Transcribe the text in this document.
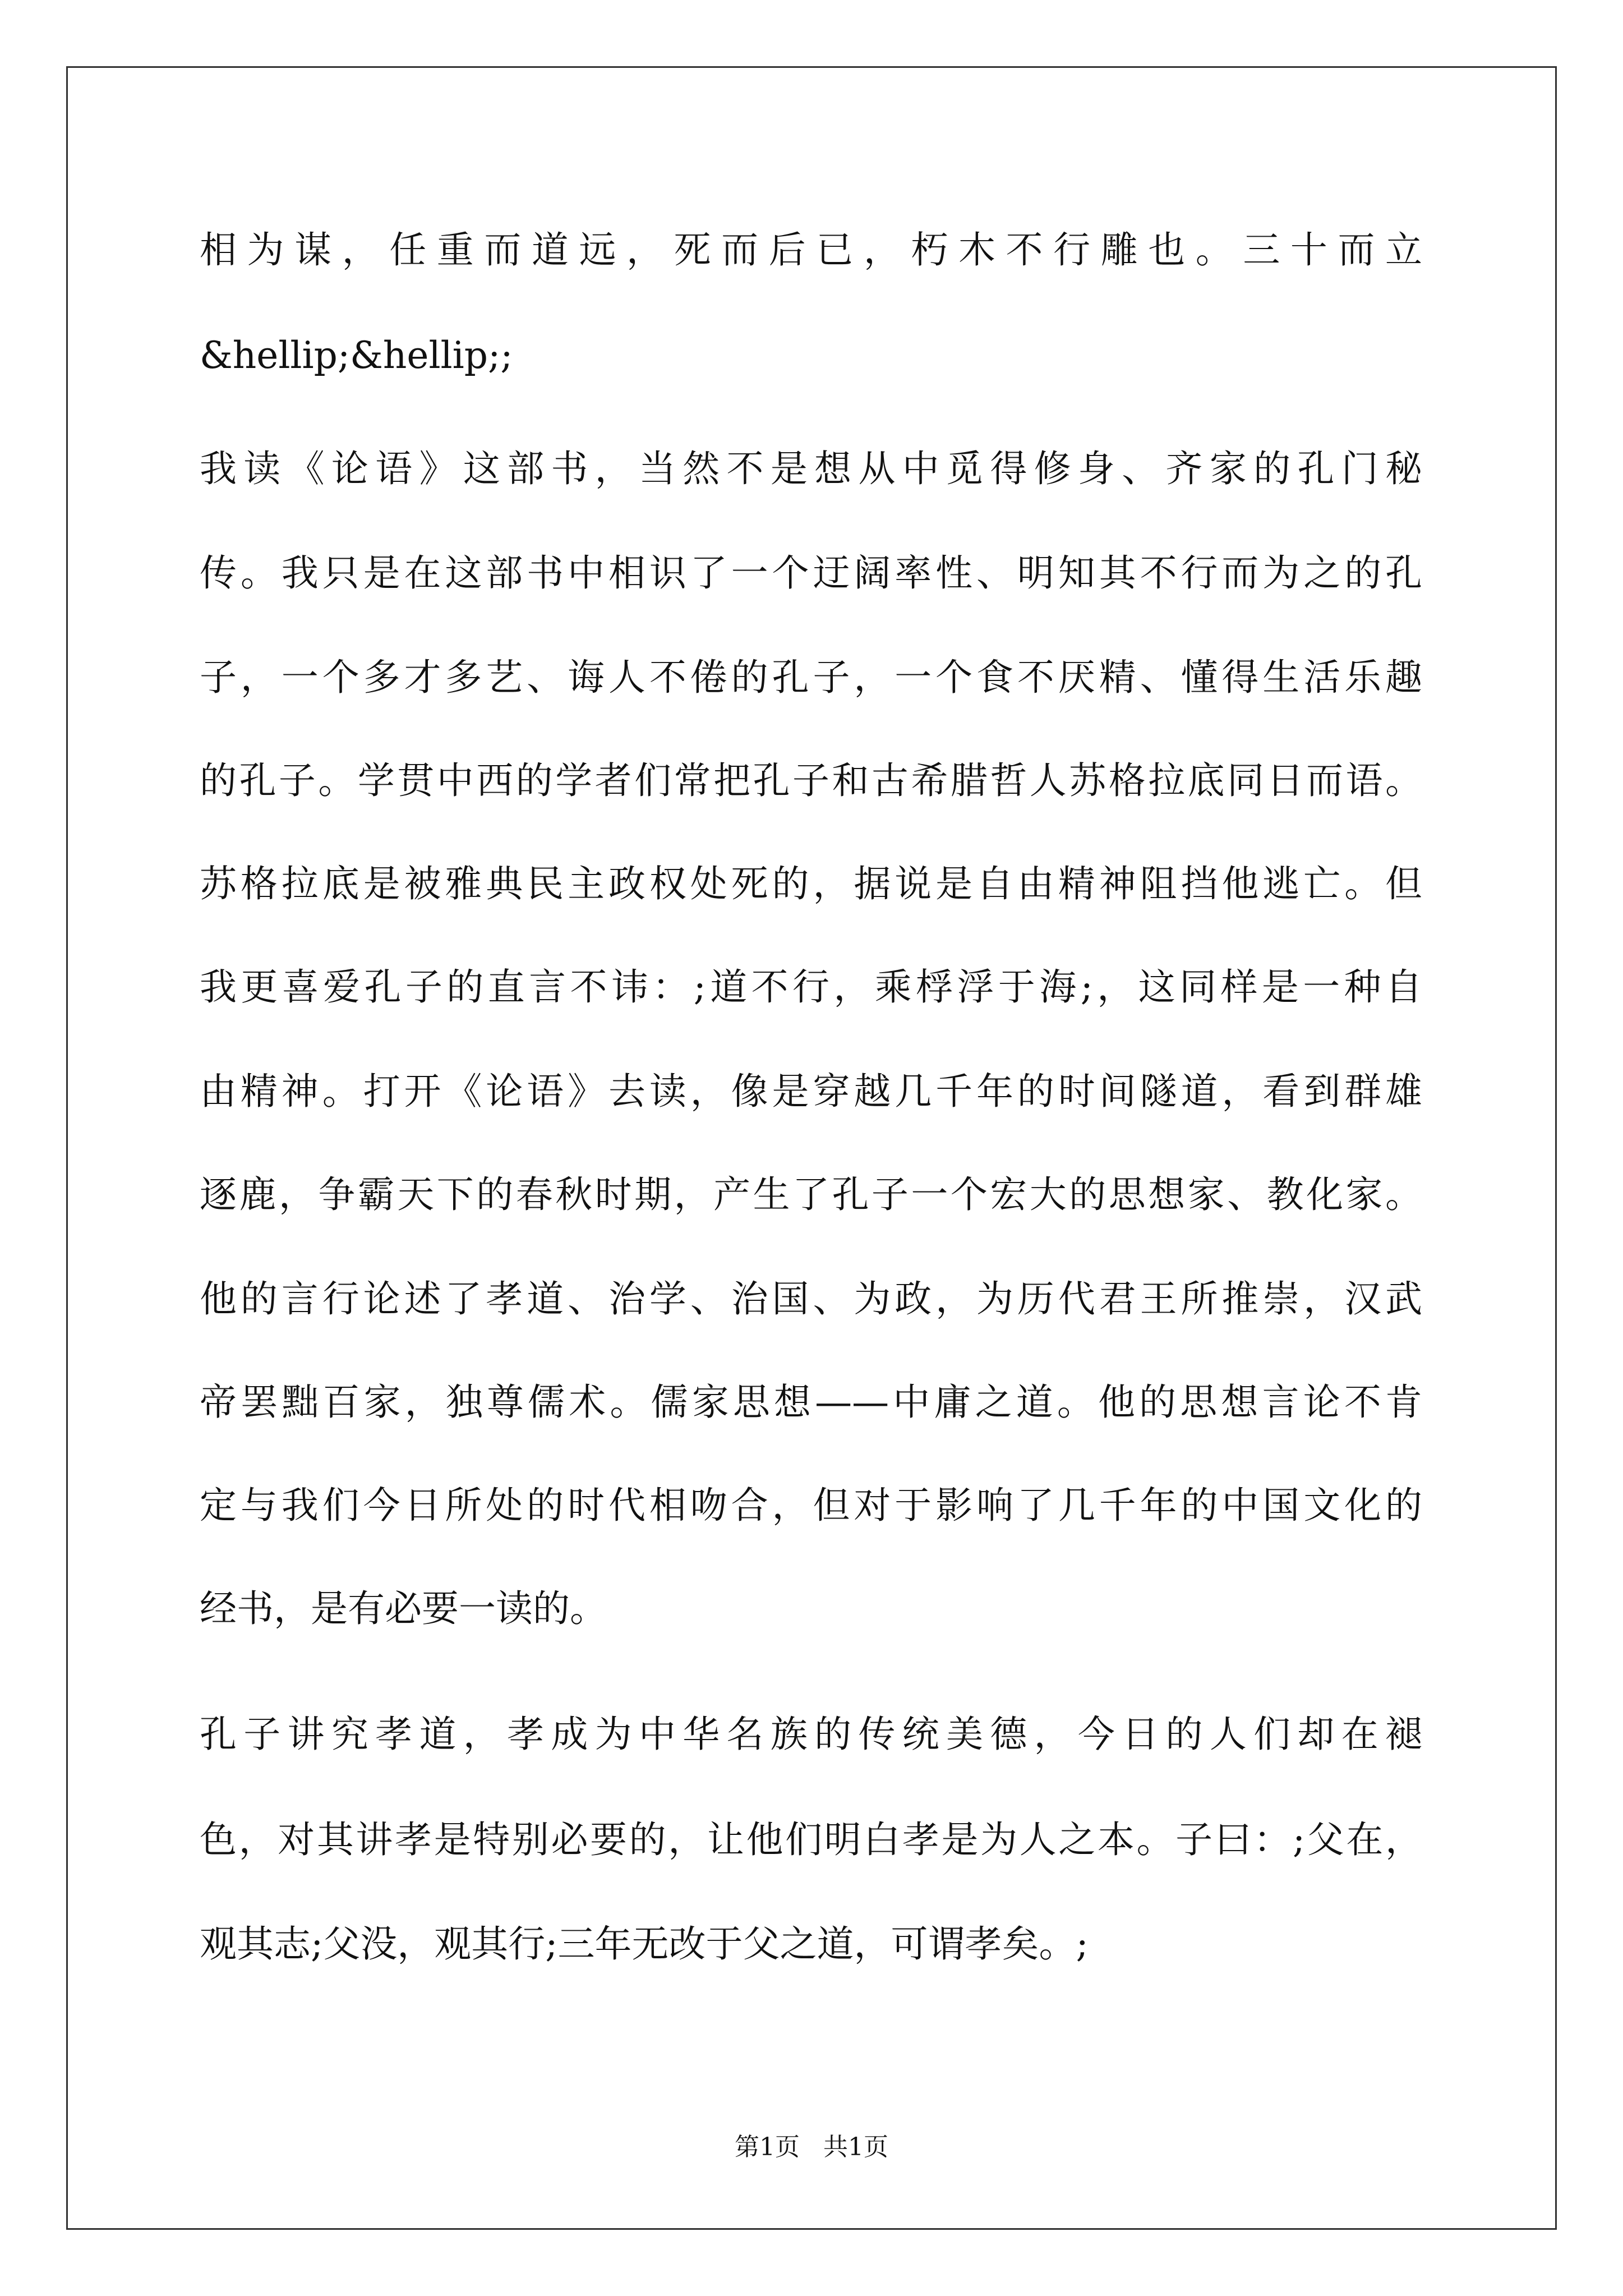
相为谋，任重而道远，死而后已，朽木不行雕也。三十而立
&hellip;&hellip;;
我读《论语》这部书，当然不是想从中觅得修身、齐家的孔门秘
传。我只是在这部书中相识了一个迂阔率性、明知其不行而为之的孔
子，一个多才多艺、诲人不倦的孔子，一个食不厌精、懂得生活乐趣
的孔子。学贯中西的学者们常把孔子和古希腊哲人苏格拉底同日而语。
苏格拉底是被雅典民主政权处死的，据说是自由精神阻挡他逃亡。但
我更喜爱孔子的直言不讳：;道不行，乘桴浮于海;，这同样是一种自
由精神。打开《论语》去读，像是穿越几千年的时间隧道，看到群雄
逐鹿，争霸天下的春秋时期，产生了孔子一个宏大的思想家、教化家。
他的言行论述了孝道、治学、治国、为政，为历代君王所推崇，汉武
帝罢黜百家，独尊儒术。儒家思想——中庸之道。他的思想言论不肯
定与我们今日所处的时代相吻合，但对于影响了几千年的中国文化的
经书，是有必要一读的。
孔子讲究孝道，孝成为中华名族的传统美德，今日的人们却在褪
色，对其讲孝是特别必要的，让他们明白孝是为人之本。子曰：;父在，
观其志;父没，观其行;三年无改于父之道，可谓孝矣。;
第1页   共1页
